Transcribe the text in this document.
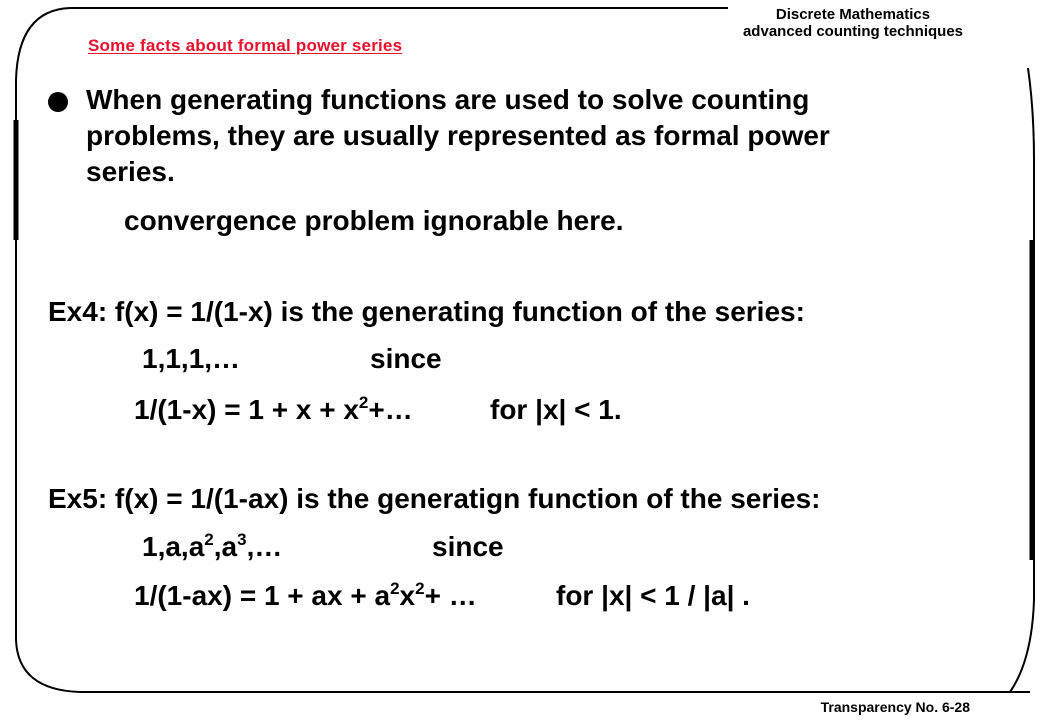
Discrete Mathematics
advanced counting techniques
Some facts about formal power series
When generating functions are used to solve counting
problems, they are usually represented as formal power
series.
convergence problem ignorable here.
Ex4: f(x) = 1/(1-x) is the generating function of the series:
1,1,1,…	since
$1/(1-x) = 1 + x + x^2+\dots$	for |x| < 1.
Ex5: f(x) = 1/(1-ax) is the generatign function of the series:
$1,a,a^2,a^3,\dots$	since
1/(1-ax) = 1 + ax + $a^2x^2+$ …	for |x| < 1 / |a| .
Transparency No. 6-28
